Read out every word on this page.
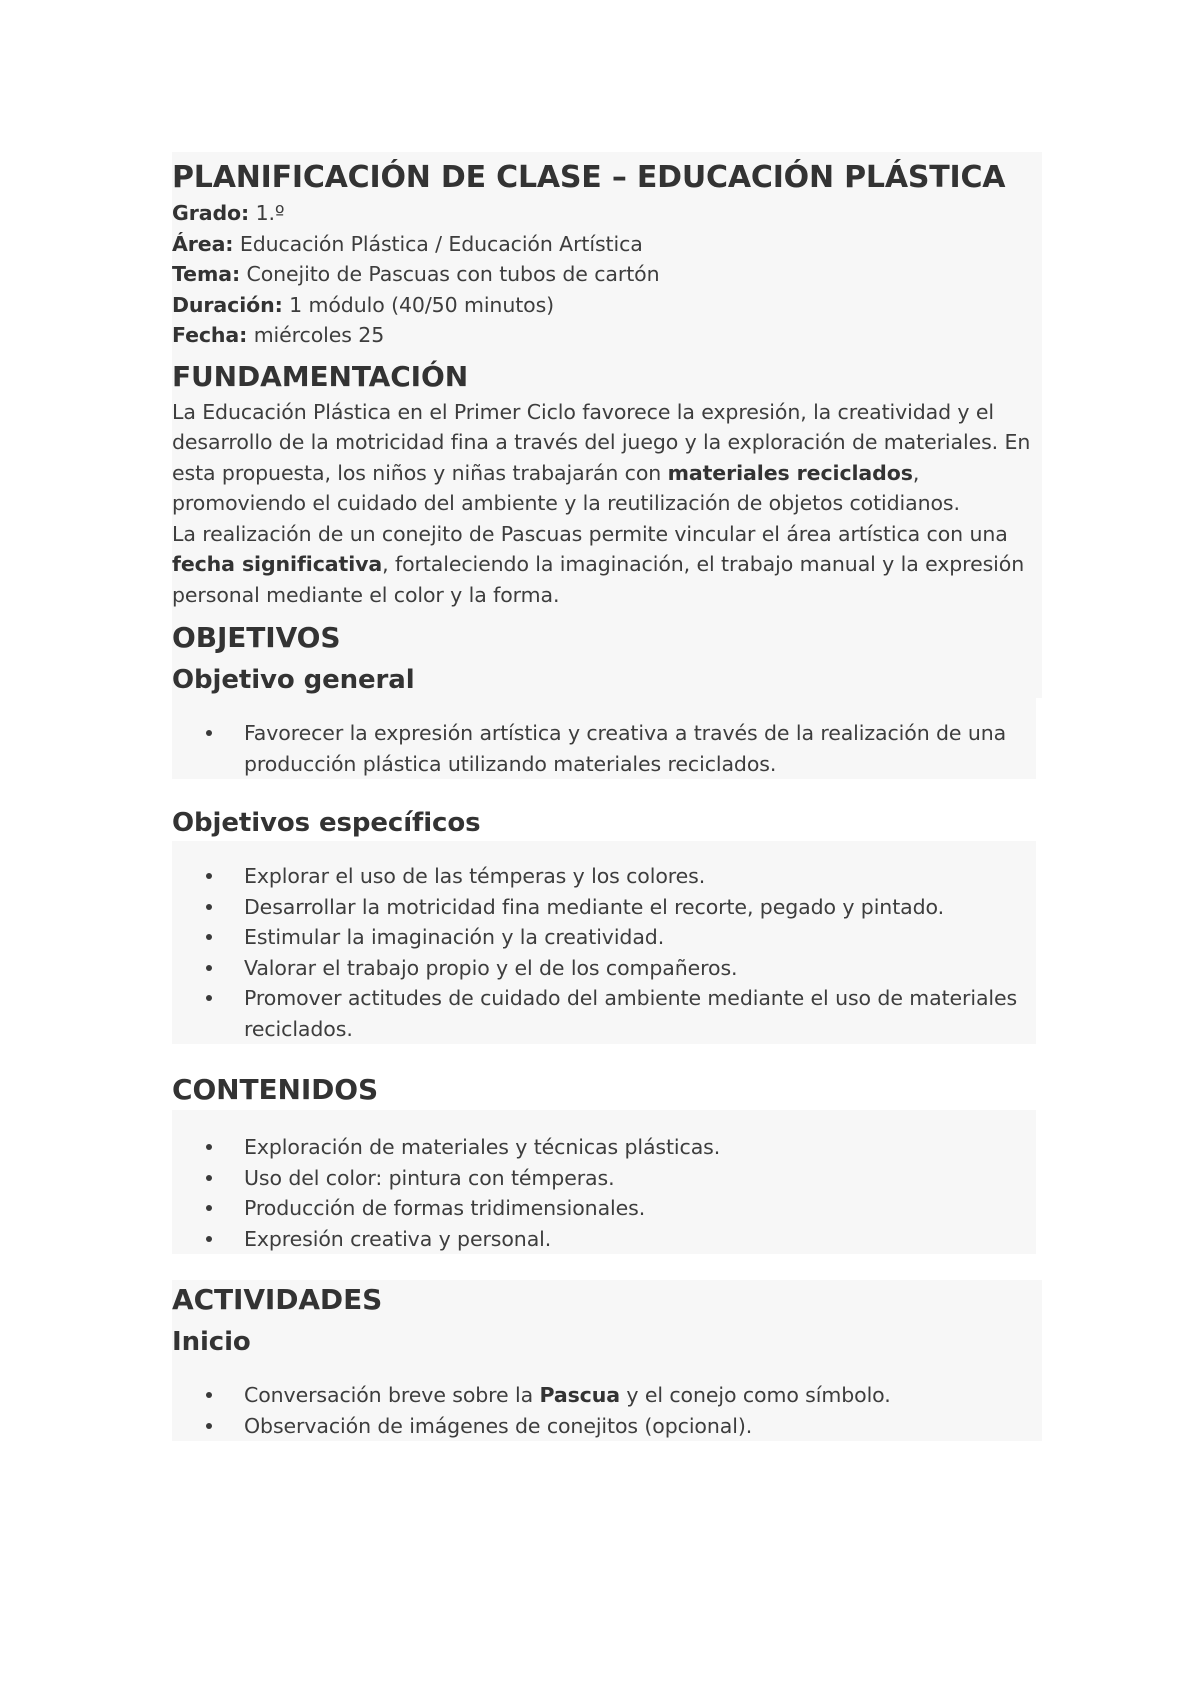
PLANIFICACIÓN DE CLASE – EDUCACIÓN PLÁSTICA

Grado: 1.º

Área: Educación Plástica / Educación Artística

Tema: Conejito de Pascuas con tubos de cartón

Duración: 1 módulo (40/50 minutos)

Fecha: miércoles 25

FUNDAMENTACIÓN

La Educación Plástica en el Primer Ciclo favorece la expresión, la creatividad y el desarrollo de la motricidad fina a través del juego y la exploración de materiales. En esta propuesta, los niños y niñas trabajarán con materiales reciclados, promoviendo el cuidado del ambiente y la reutilización de objetos cotidianos.

La realización de un conejito de Pascuas permite vincular el área artística con una fecha significativa, fortaleciendo la imaginación, el trabajo manual y la expresión personal mediante el color y la forma.

OBJETIVOS
Objetivo general
Favorecer la expresión artística y creativa a través de la realización de una producción plástica utilizando materiales reciclados.
Objetivos específicos
Explorar el uso de las témperas y los colores.
Desarrollar la motricidad fina mediante el recorte, pegado y pintado.
Estimular la imaginación y la creatividad.
Valorar el trabajo propio y el de los compañeros.
Promover actitudes de cuidado del ambiente mediante el uso de materiales reciclados.
CONTENIDOS
Exploración de materiales y técnicas plásticas.
Uso del color: pintura con témperas.
Producción de formas tridimensionales.
Expresión creativa y personal.
ACTIVIDADES
Inicio
Conversación breve sobre la Pascua y el conejo como símbolo.
Observación de imágenes de conejitos (opcional).
